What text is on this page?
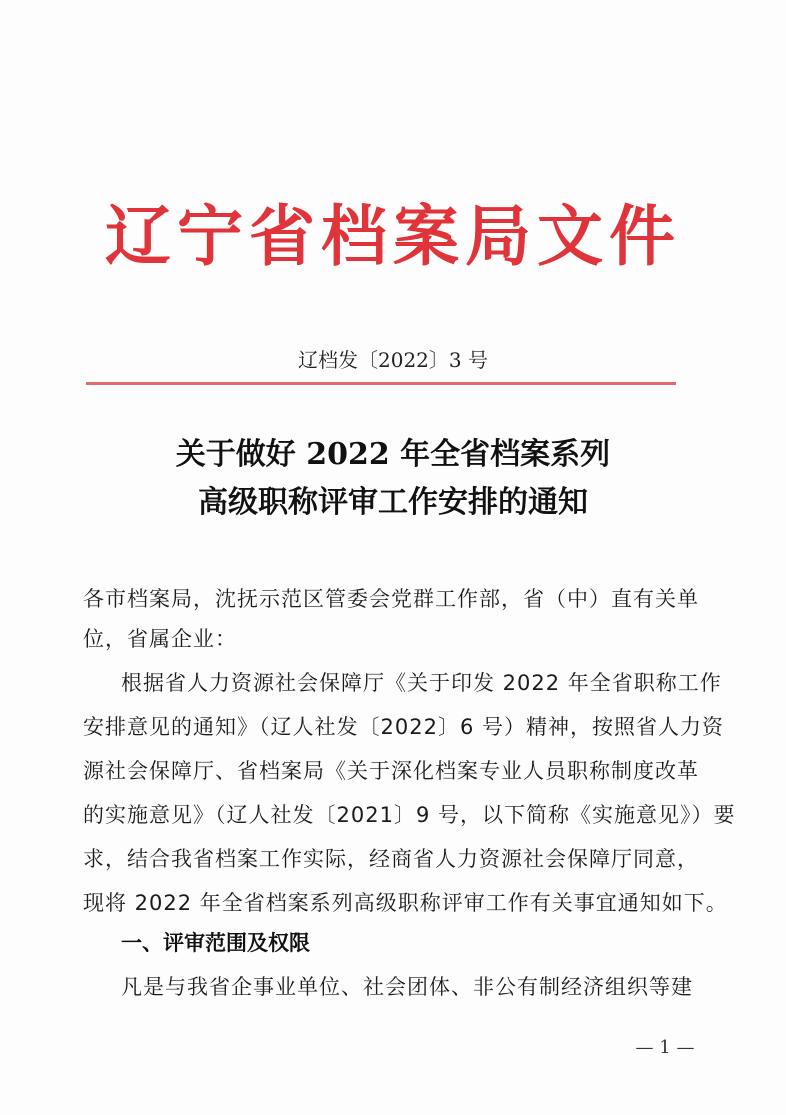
辽宁省档案局文件
辽档发〔2022〕3 号
关于做好 2022 年全省档案系列
高级职称评审工作安排的通知
各市档案局，沈抚示范区管委会党群工作部，省（中）直有关单
位，省属企业：
根据省人力资源社会保障厅《关于印发 2022 年全省职称工作
安排意见的通知》（辽人社发〔2022〕6 号）精神，按照省人力资
源社会保障厅、省档案局《关于深化档案专业人员职称制度改革
的实施意见》（辽人社发〔2021〕9 号，以下简称《实施意见》）要
求，结合我省档案工作实际，经商省人力资源社会保障厅同意，
现将 2022 年全省档案系列高级职称评审工作有关事宜通知如下。
一、评审范围及权限
凡是与我省企事业单位、社会团体、非公有制经济组织等建
— 1 —
